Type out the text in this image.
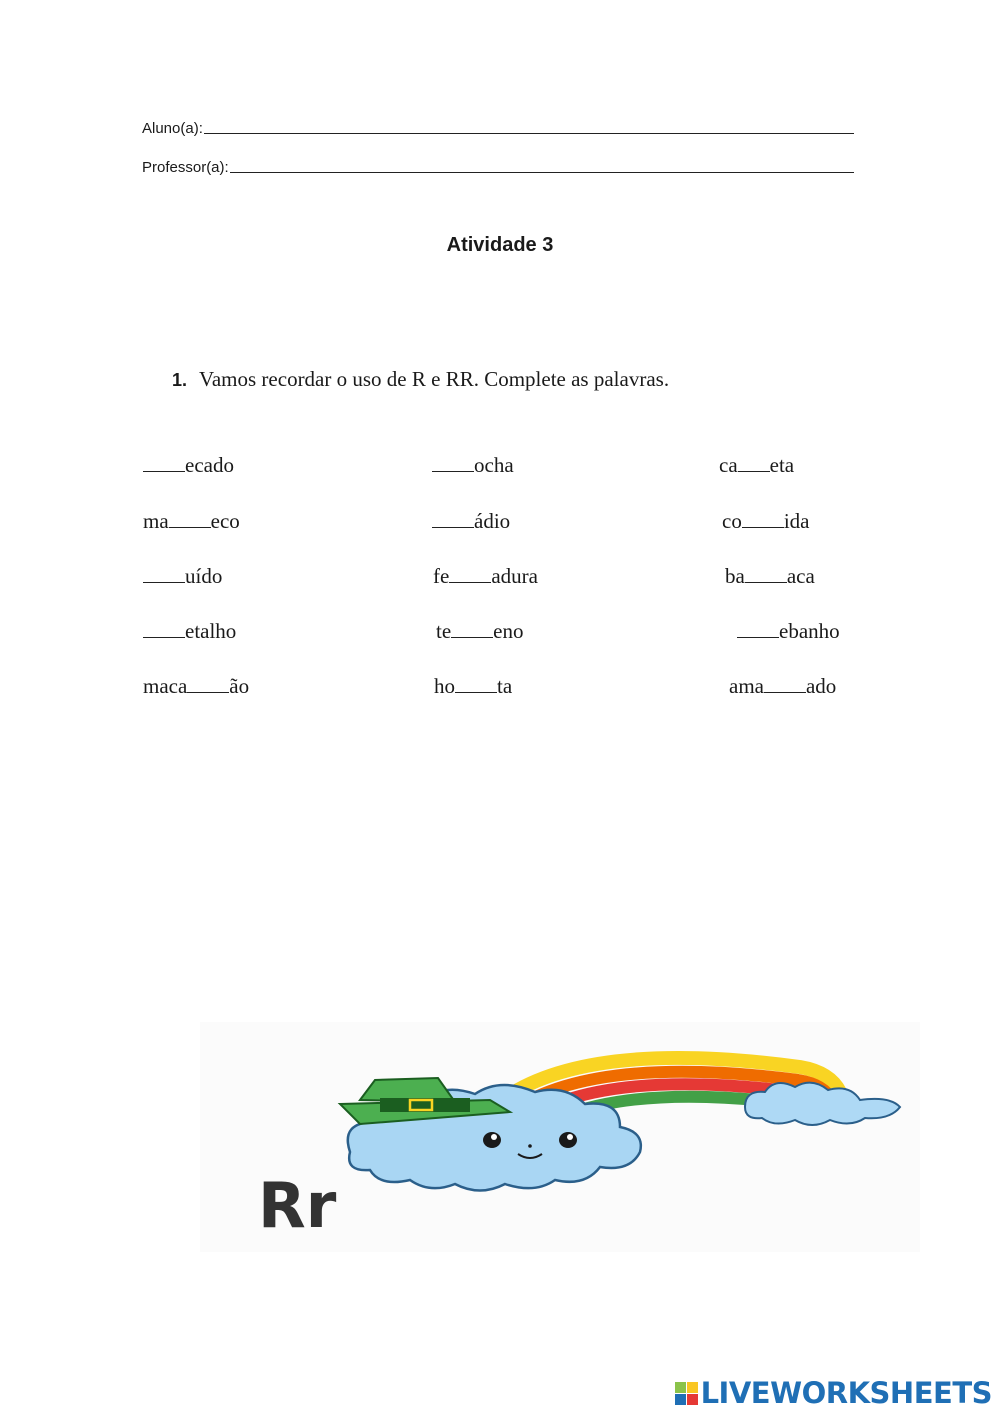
Aluno(a):
Professor(a):
Atividade 3
1. Vamos recordar o uso de R e RR. Complete as palavras.
ecado	ocha	ca eta
ma eco	ádio	co ida
uído	fe adura	ba aca
etalho	te eno	ebanho
maca ão	ho ta	ama ado
Rr
LIVEWORKSHEETS
